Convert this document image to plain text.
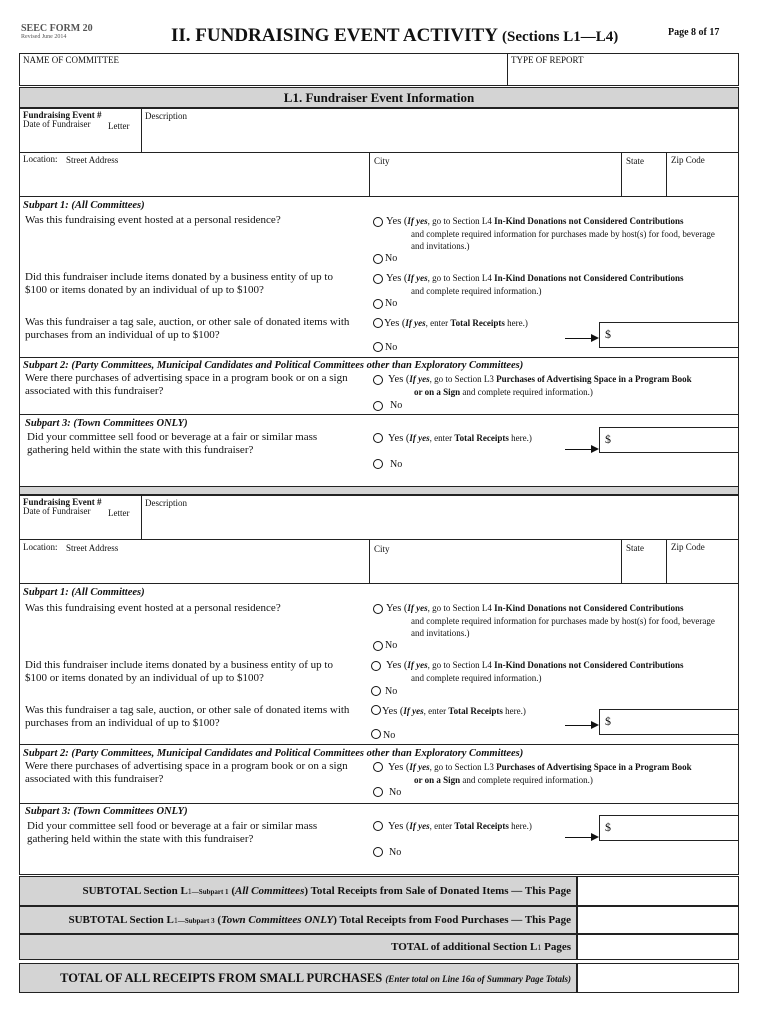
SEEC FORM 20
Revised June 2014	II. FUNDRAISING EVENT ACTIVITY (Sections L1—L4)	Page 8 of 17
NAME OF COMMITTEE	TYPE OF REPORT
L1. Fundraiser Event Information
Fundraising Event #
Date of Fundraiser Letter
Description
Location: Street Address	City	State	Zip Code
Subpart 1: (All Committees)
Was this fundraising event hosted at a personal residence?	Yes (If yes, go to Section L4 In-Kind Donations not Considered Contributions
and complete required information for purchases made by host(s) for food, beverage and invitations.)
No
Did this fundraiser include items donated by a business entity of up to $100 or items donated by an individual of up to $100?
Yes (If yes, go to Section L4 In-Kind Donations not Considered Contributions
and complete required information.)
No
Was this fundraiser a tag sale, auction, or other sale of donated items with purchases from an individual of up to $100?
Yes (If yes, enter Total Receipts here.)
$
No
Subpart 2: (Party Committees, Municipal Candidates and Political Committees other than Exploratory Committees)
Were there purchases of advertising space in a program book or on a sign associated with this fundraiser?
Yes (If yes, go to Section L3 Purchases of Advertising Space in a Program Book
or on a Sign and complete required information.)
No
Subpart 3: (Town Committees ONLY)
Did your committee sell food or beverage at a fair or similar mass gathering held within the state with this fundraiser?
Yes (If yes, enter Total Receipts here.)	$
No
Fundraising Event #
Date of Fundraiser Letter
Description
Location: Street Address	City	State	Zip Code
Subpart 1: (All Committees)
Was this fundraising event hosted at a personal residence?	Yes (If yes, go to Section L4 In-Kind Donations not Considered Contributions
and complete required information for purchases made by host(s) for food, beverage and invitations.)
No
Did this fundraiser include items donated by a business entity of up to $100 or items donated by an individual of up to $100?
Yes (If yes, go to Section L4 In-Kind Donations not Considered Contributions
and complete required information.)
No
Was this fundraiser a tag sale, auction, or other sale of donated items with purchases from an individual of up to $100?
Yes (If yes, enter Total Receipts here.)
$
No
Subpart 2: (Party Committees, Municipal Candidates and Political Committees other than Exploratory Committees)
Were there purchases of advertising space in a program book or on a sign associated with this fundraiser?
Yes (If yes, go to Section L3 Purchases of Advertising Space in a Program Book
or on a Sign and complete required information.)
No
Subpart 3: (Town Committees ONLY)
Did your committee sell food or beverage at a fair or similar mass gathering held within the state with this fundraiser?
Yes (If yes, enter Total Receipts here.)	$
No
SUBTOTAL Section L1—Subpart 1 (All Committees) Total Receipts from Sale of Donated Items — This Page
SUBTOTAL Section L1—Subpart 3 (Town Committees ONLY) Total Receipts from Food Purchases — This Page
TOTAL of additional Section L1 Pages
TOTAL OF ALL RECEIPTS FROM SMALL PURCHASES (Enter total on Line 16a of Summary Page Totals)
